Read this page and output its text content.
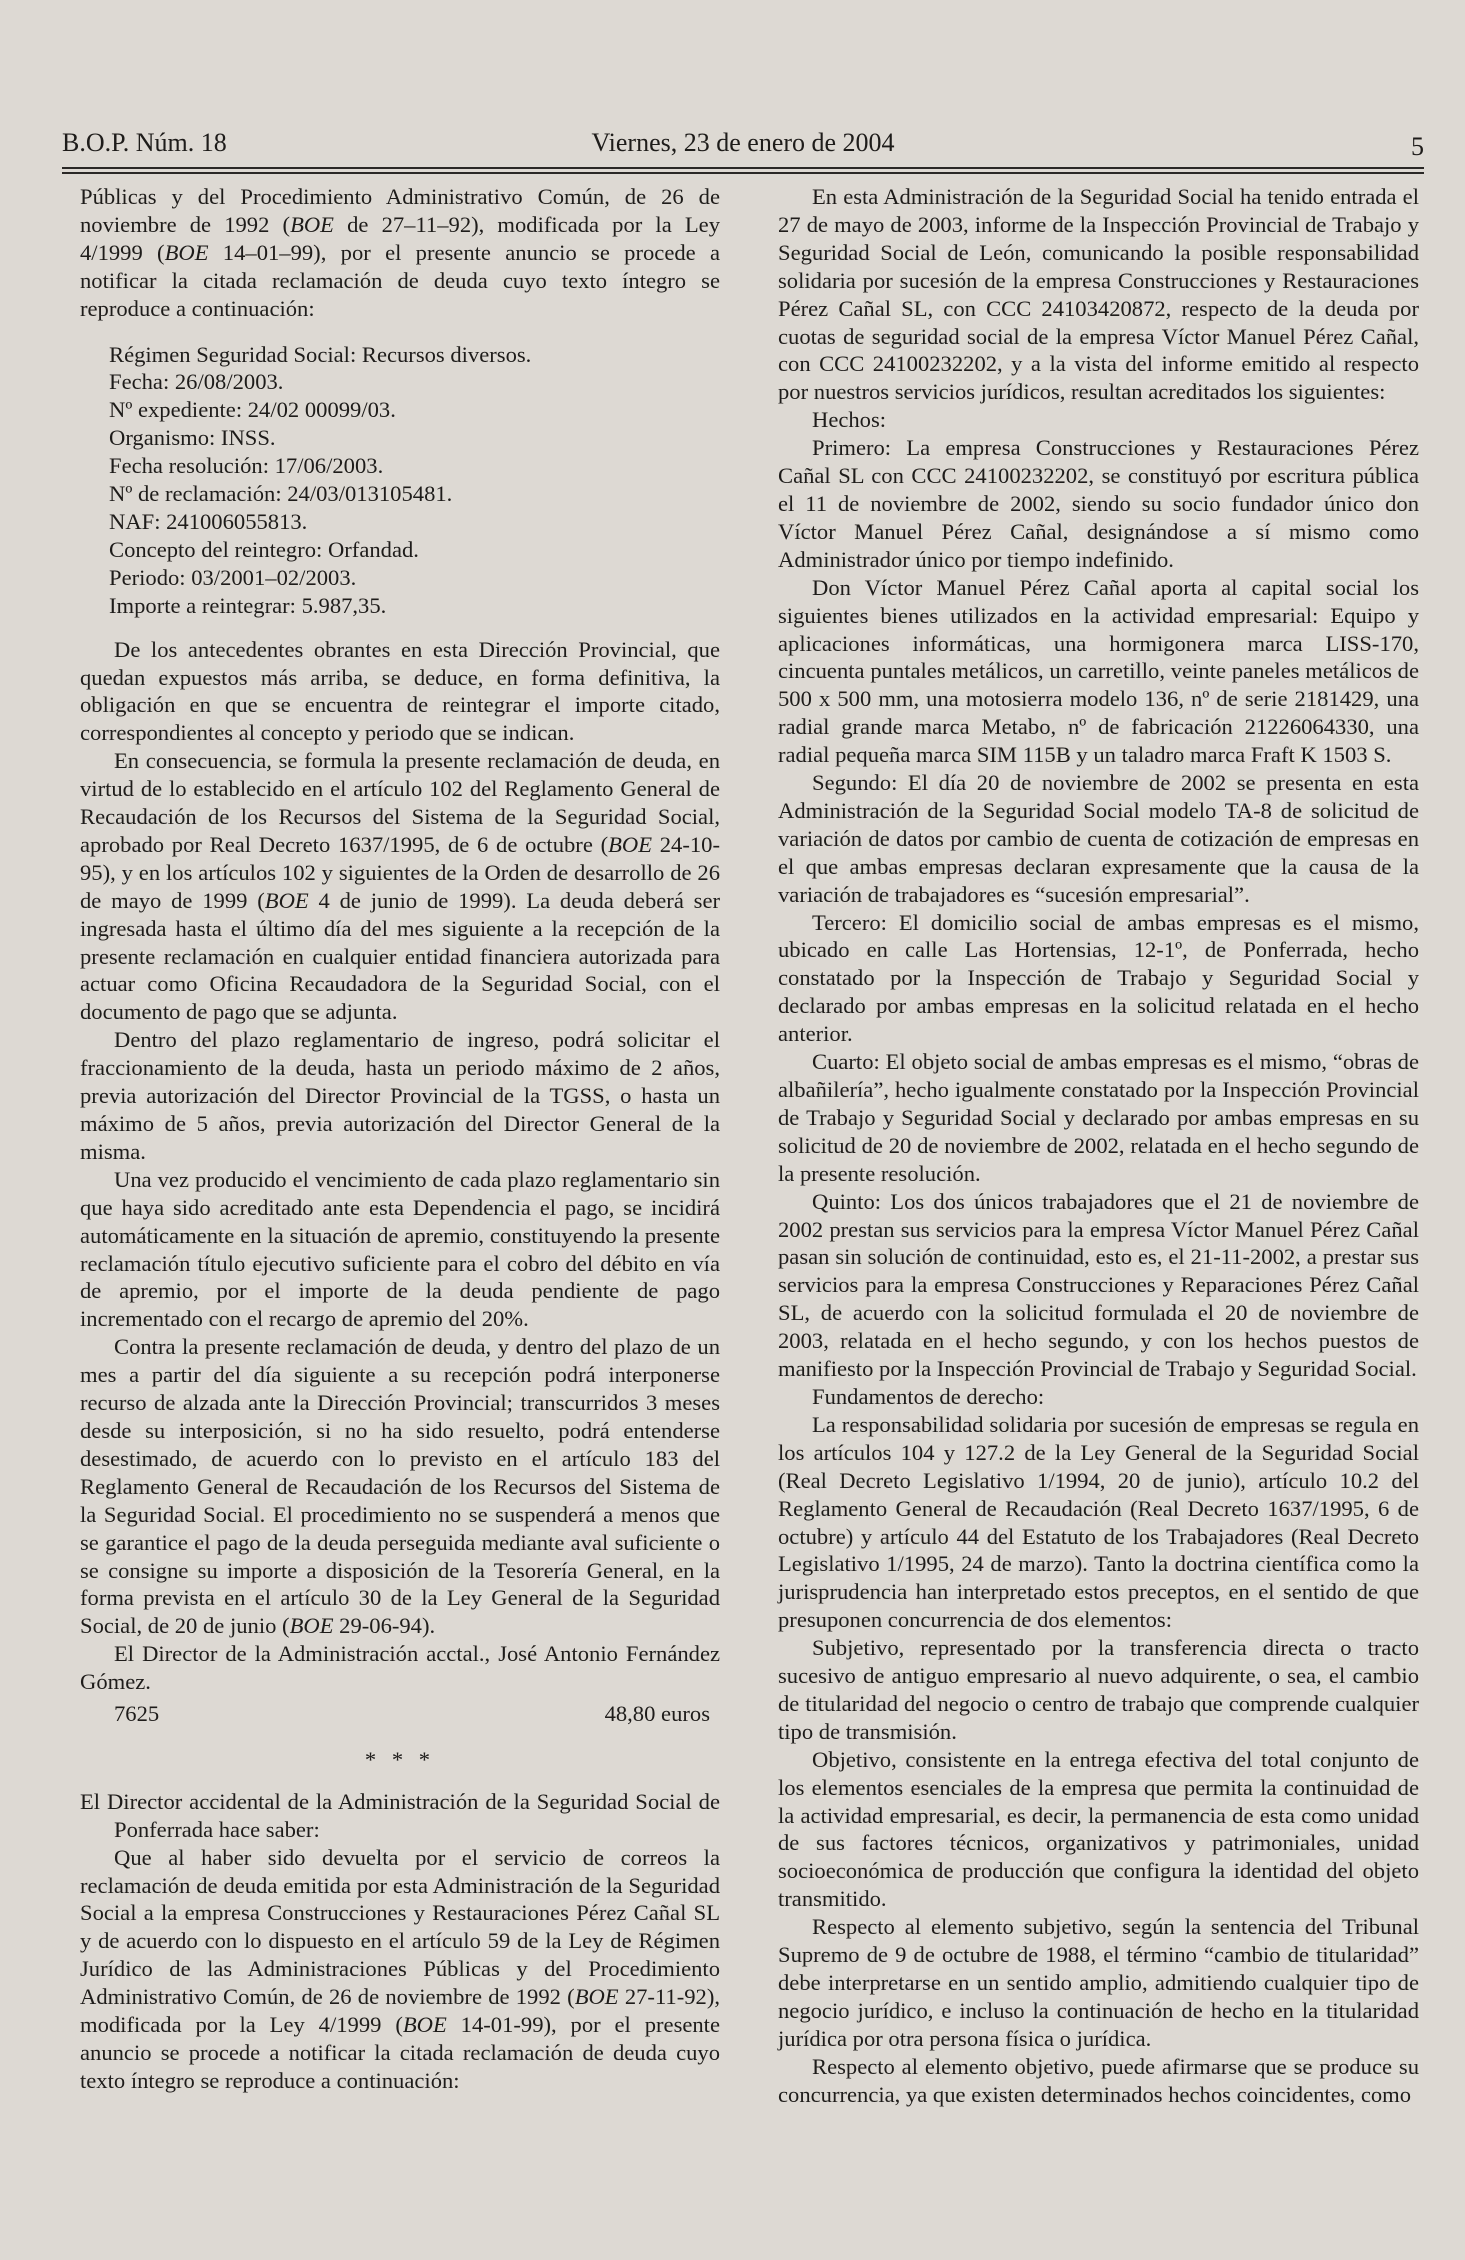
B.O.P. Núm. 18	Viernes, 23 de enero de 2004	5

Públicas y del Procedimiento Administrativo Común, de 26 de noviembre de 1992 (BOE de 27–11–92), modificada por la Ley 4/1999 (BOE 14–01–99), por el presente anuncio se procede a notificar la citada reclamación de deuda cuyo texto íntegro se reproduce a continuación:

Régimen Seguridad Social: Recursos diversos.
Fecha: 26/08/2003.
Nº expediente: 24/02 00099/03.
Organismo: INSS.
Fecha resolución: 17/06/2003.
Nº de reclamación: 24/03/013105481.
NAF: 241006055813.
Concepto del reintegro: Orfandad.
Periodo: 03/2001–02/2003.
Importe a reintegrar: 5.987,35.

De los antecedentes obrantes en esta Dirección Provincial, que quedan expuestos más arriba, se deduce, en forma definitiva, la obligación en que se encuentra de reintegrar el importe citado, correspondientes al concepto y periodo que se indican.

En consecuencia, se formula la presente reclamación de deuda, en virtud de lo establecido en el artículo 102 del Reglamento General de Recaudación de los Recursos del Sistema de la Seguridad Social, aprobado por Real Decreto 1637/1995, de 6 de octubre (BOE 24-10-95), y en los artículos 102 y siguientes de la Orden de desarrollo de 26 de mayo de 1999 (BOE 4 de junio de 1999). La deuda deberá ser ingresada hasta el último día del mes siguiente a la recepción de la presente reclamación en cualquier entidad financiera autorizada para actuar como Oficina Recaudadora de la Seguridad Social, con el documento de pago que se adjunta.

Dentro del plazo reglamentario de ingreso, podrá solicitar el fraccionamiento de la deuda, hasta un periodo máximo de 2 años, previa autorización del Director Provincial de la TGSS, o hasta un máximo de 5 años, previa autorización del Director General de la misma.

Una vez producido el vencimiento de cada plazo reglamentario sin que haya sido acreditado ante esta Dependencia el pago, se incidirá automáticamente en la situación de apremio, constituyendo la presente reclamación título ejecutivo suficiente para el cobro del débito en vía de apremio, por el importe de la deuda pendiente de pago incrementado con el recargo de apremio del 20%.

Contra la presente reclamación de deuda, y dentro del plazo de un mes a partir del día siguiente a su recepción podrá interponerse recurso de alzada ante la Dirección Provincial; transcurridos 3 meses desde su interposición, si no ha sido resuelto, podrá entenderse desestimado, de acuerdo con lo previsto en el artículo 183 del Reglamento General de Recaudación de los Recursos del Sistema de la Seguridad Social. El procedimiento no se suspenderá a menos que se garantice el pago de la deuda perseguida mediante aval suficiente o se consigne su importe a disposición de la Tesorería General, en la forma prevista en el artículo 30 de la Ley General de la Seguridad Social, de 20 de junio (BOE 29-06-94).

El Director de la Administración acctal., José Antonio Fernández Gómez.

7625	48,80 euros
* * *

El Director accidental de la Administración de la Seguridad Social de Ponferrada hace saber:

Que al haber sido devuelta por el servicio de correos la reclamación de deuda emitida por esta Administración de la Seguridad Social a la empresa Construcciones y Restauraciones Pérez Cañal SL y de acuerdo con lo dispuesto en el artículo 59 de la Ley de Régimen Jurídico de las Administraciones Públicas y del Procedimiento Administrativo Común, de 26 de noviembre de 1992 (BOE 27-11-92), modificada por la Ley 4/1999 (BOE 14-01-99), por el presente anuncio se procede a notificar la citada reclamación de deuda cuyo texto íntegro se reproduce a continuación:

En esta Administración de la Seguridad Social ha tenido entrada el 27 de mayo de 2003, informe de la Inspección Provincial de Trabajo y Seguridad Social de León, comunicando la posible responsabilidad solidaria por sucesión de la empresa Construcciones y Restauraciones Pérez Cañal SL, con CCC 24103420872, respecto de la deuda por cuotas de seguridad social de la empresa Víctor Manuel Pérez Cañal, con CCC 24100232202, y a la vista del informe emitido al respecto por nuestros servicios jurídicos, resultan acreditados los siguientes:

Hechos:

Primero: La empresa Construcciones y Restauraciones Pérez Cañal SL con CCC 24100232202, se constituyó por escritura pública el 11 de noviembre de 2002, siendo su socio fundador único don Víctor Manuel Pérez Cañal, designándose a sí mismo como Administrador único por tiempo indefinido.

Don Víctor Manuel Pérez Cañal aporta al capital social los siguientes bienes utilizados en la actividad empresarial: Equipo y aplicaciones informáticas, una hormigonera marca LISS-170, cincuenta puntales metálicos, un carretillo, veinte paneles metálicos de 500 x 500 mm, una motosierra modelo 136, nº de serie 2181429, una radial grande marca Metabo, nº de fabricación 21226064330, una radial pequeña marca SIM 115B y un taladro marca Fraft K 1503 S.

Segundo: El día 20 de noviembre de 2002 se presenta en esta Administración de la Seguridad Social modelo TA-8 de solicitud de variación de datos por cambio de cuenta de cotización de empresas en el que ambas empresas declaran expresamente que la causa de la variación de trabajadores es “sucesión empresarial”.

Tercero: El domicilio social de ambas empresas es el mismo, ubicado en calle Las Hortensias, 12-1º, de Ponferrada, hecho constatado por la Inspección de Trabajo y Seguridad Social y declarado por ambas empresas en la solicitud relatada en el hecho anterior.

Cuarto: El objeto social de ambas empresas es el mismo, “obras de albañilería”, hecho igualmente constatado por la Inspección Provincial de Trabajo y Seguridad Social y declarado por ambas empresas en su solicitud de 20 de noviembre de 2002, relatada en el hecho segundo de la presente resolución.

Quinto: Los dos únicos trabajadores que el 21 de noviembre de 2002 prestan sus servicios para la empresa Víctor Manuel Pérez Cañal pasan sin solución de continuidad, esto es, el 21-11-2002, a prestar sus servicios para la empresa Construcciones y Reparaciones Pérez Cañal SL, de acuerdo con la solicitud formulada el 20 de noviembre de 2003, relatada en el hecho segundo, y con los hechos puestos de manifiesto por la Inspección Provincial de Trabajo y Seguridad Social.

Fundamentos de derecho:

La responsabilidad solidaria por sucesión de empresas se regula en los artículos 104 y 127.2 de la Ley General de la Seguridad Social (Real Decreto Legislativo 1/1994, 20 de junio), artículo 10.2 del Reglamento General de Recaudación (Real Decreto 1637/1995, 6 de octubre) y artículo 44 del Estatuto de los Trabajadores (Real Decreto Legislativo 1/1995, 24 de marzo). Tanto la doctrina científica como la jurisprudencia han interpretado estos preceptos, en el sentido de que presuponen concurrencia de dos elementos:

Subjetivo, representado por la transferencia directa o tracto sucesivo de antiguo empresario al nuevo adquirente, o sea, el cambio de titularidad del negocio o centro de trabajo que comprende cualquier tipo de transmisión.

Objetivo, consistente en la entrega efectiva del total conjunto de los elementos esenciales de la empresa que permita la continuidad de la actividad empresarial, es decir, la permanencia de esta como unidad de sus factores técnicos, organizativos y patrimoniales, unidad socioeconómica de producción que configura la identidad del objeto transmitido.

Respecto al elemento subjetivo, según la sentencia del Tribunal Supremo de 9 de octubre de 1988, el término “cambio de titularidad” debe interpretarse en un sentido amplio, admitiendo cualquier tipo de negocio jurídico, e incluso la continuación de hecho en la titularidad jurídica por otra persona física o jurídica.

Respecto al elemento objetivo, puede afirmarse que se produce su concurrencia, ya que existen determinados hechos coincidentes, como
